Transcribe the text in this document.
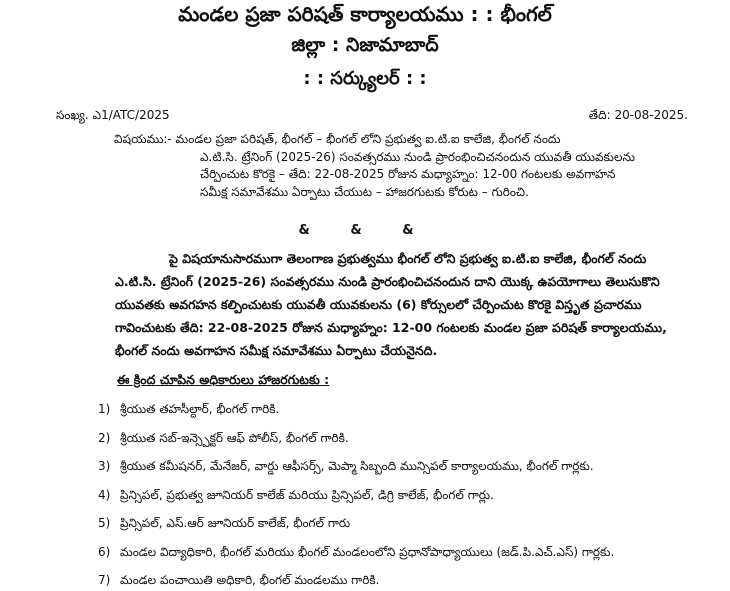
మండల ప్రజా పరిషత్ కార్యాలయము : : భీంగల్
జిల్లా : నిజామాబాద్
: : సర్క్యులర్ : :
సంఖ్య. ఎ1/ATC/2025	తేది: 20-08-2025.
విషయము:- మండల ప్రజా పరిషత్, భీంగల్ – భీంగల్ లోని ప్రభుత్వ ఐ.టి.ఐ కాలేజి, భీంగల్ నందు
ఎ.టి.సి. ట్రేనింగ్ (2025-26) సంవత్సరము నుండి ప్రారంభించిచనందున యువతీ యువకులను
చేర్పించుట కొరకై – తేది: 22-08-2025 రోజున మధ్యాహ్నం: 12-00 గంటలకు అవగాహన
సమీక్ష సమావేశము ఏర్పాటు చేయుట – హాజరగుటకు కోరుట – గురించి.
& & &
పై విషయానుసారముగా తెలంగాణ ప్రభుత్వము భీంగల్ లోని ప్రభుత్వ ఐ.టి.ఐ కాలేజి, భీంగల్ నందు
ఎ.టి.సి. ట్రేనింగ్ (2025-26) సంవత్సరము నుండి ప్రారంభించిచనందున దాని యొక్క ఉపయోగాలు తెలుసుకొని
యువతకు అవగహన కల్పించుటకు యువతీ యువకులను (6) కోర్సులలో చేర్పించుట కొరకై విస్తృత ప్రచారము
గావించుటకు తేది: 22-08-2025 రోజున మధ్యాహ్నం: 12-00 గంటలకు మండల ప్రజా పరిషత్ కార్యాలయము,
భీంగల్ నందు అవగాహన సమీక్ష సమావేశము ఏర్పాటు చేయనైనది.
ఈ క్రింద చూపిన అధికారులు హాజరగుటకు :
1) శ్రీయుత తహసీల్దార్, భీంగల్ గారికి.
2) శ్రీయుత సబ్-ఇన్స్పెక్టర్ ఆఫ్ పోలీస్, భీంగల్ గారికి.
3) శ్రీయుత కమీషనర్, మేనేజర్, వార్డు ఆఫీసర్స్, మెప్మా సిబ్బంది మున్సిపల్ కార్యాలయము, భీంగల్ గార్లకు.
4) ప్రిన్సిపల్, ప్రభుత్వ జూనియర్ కాలేజ్ మరియు ప్రిన్సిపల్, డిగ్రి కాలేజ్, భీంగల్ గార్లు.
5) ప్రిన్సిపల్, ఎస్.ఆర్ జూనియర్ కాలేజ్, భీంగల్ గారు
6) మండల విద్యాధికారి, భీంగల్ మరియు భీంగల్ మండలంలోని ప్రధానోపాధ్యాయులు (జడ్.పి.ఎచ్.ఎస్) గార్లకు.
7) మండల పంచాయితి అధికారి, భీంగల్ మండలము గారికి.
